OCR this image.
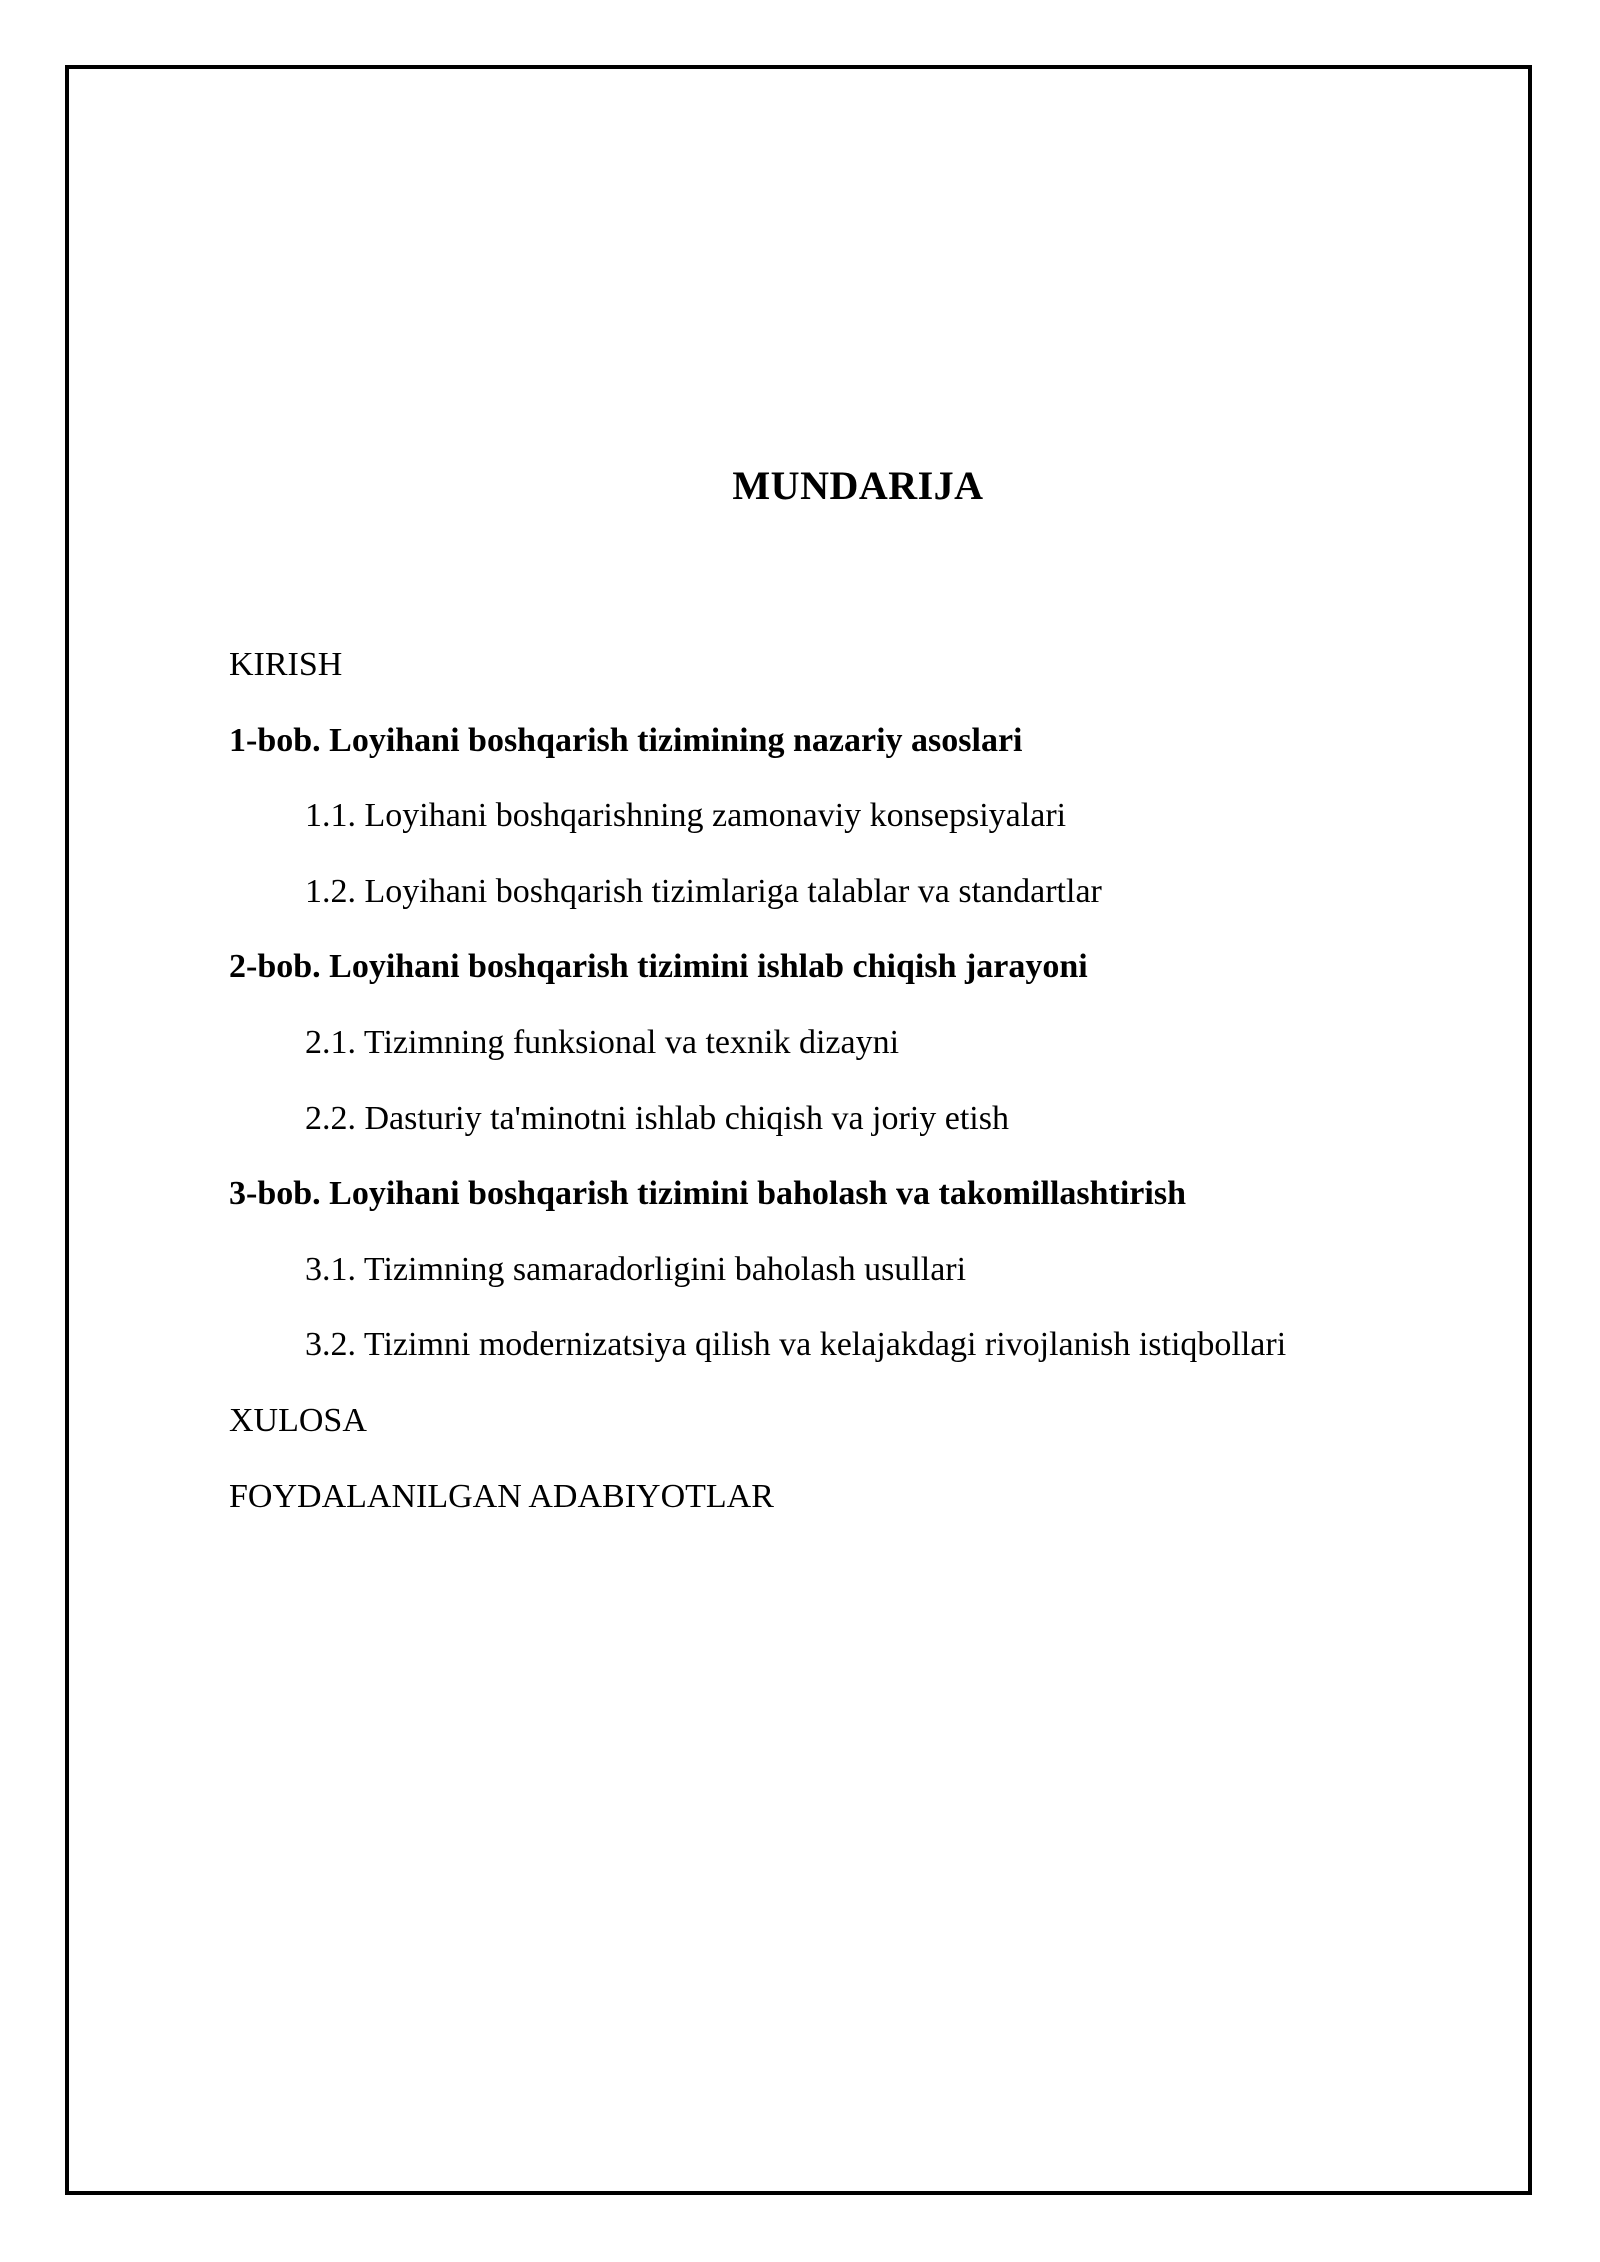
MUNDARIJA
KIRISH
1-bob. Loyihani boshqarish tizimining nazariy asoslari
1.1. Loyihani boshqarishning zamonaviy konsepsiyalari
1.2. Loyihani boshqarish tizimlariga talablar va standartlar
2-bob. Loyihani boshqarish tizimini ishlab chiqish jarayoni
2.1. Tizimning funksional va texnik dizayni
2.2. Dasturiy ta'minotni ishlab chiqish va joriy etish
3-bob. Loyihani boshqarish tizimini baholash va takomillashtirish
3.1. Tizimning samaradorligini baholash usullari
3.2. Tizimni modernizatsiya qilish va kelajakdagi rivojlanish istiqbollari
XULOSA
FOYDALANILGAN ADABIYOTLAR
